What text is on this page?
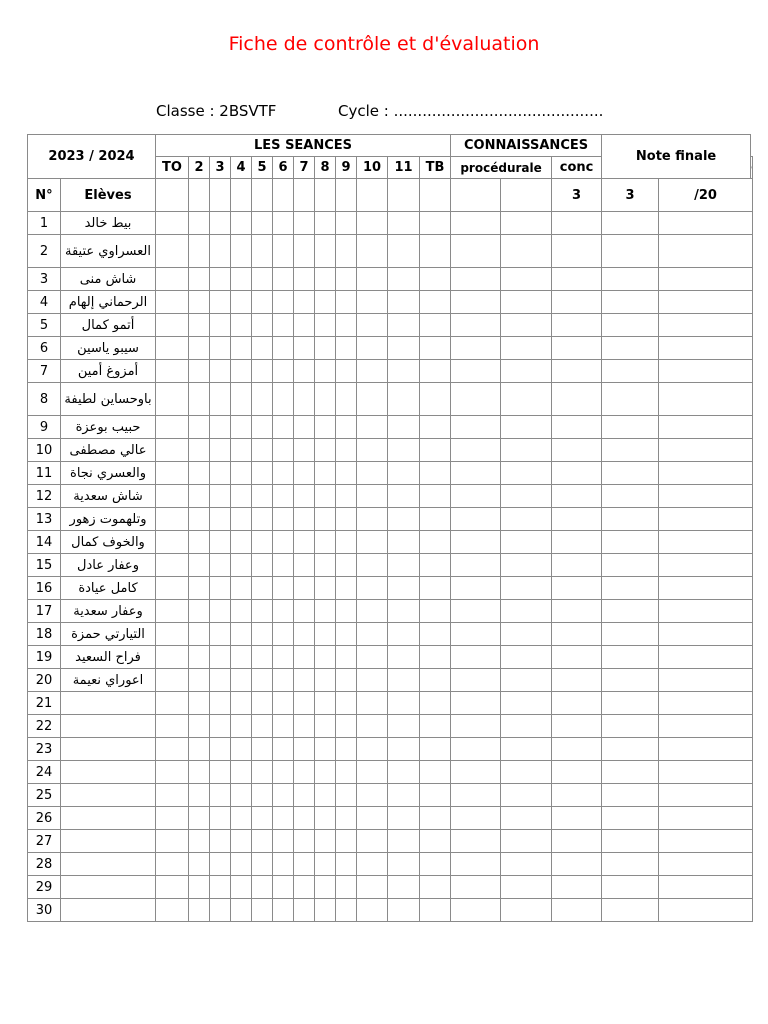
Fiche de contrôle et d'évaluation
Classe : 2BSVTF	Cycle : ............................................
2023 / 2024		LES SEANCES												CONNAISSANCES			Note finale		
		TO	2	3	4	5	6	7	8	9	10	11	TB	procédurale		conc	
N°	Elèves															3	3	/20	
1	بيط خالد																		
2	العسراوي عتيقة																		
3	شاش منى																		
4	الرحماني إلهام																		
5	أتمو كمال																		
6	سيبو ياسين																		
7	أمزوغ أمين																		
8	باوحساين لطيفة																		
9	حبيب بوعزة																		
10	عالي مصطفى																		
11	والعسري نجاة																		
12	شاش سعدية																		
13	وتلهموت زهور																		
14	والخوف كمال																		
15	وعفار عادل																		
16	كامل عيادة																		
17	وعفار سعدية																		
18	التيارتي حمزة																		
19	فراح السعيد																		
20	اعوراي نعيمة																		
21																			
22																			
23																			
24																			
25																			
26																			
27																			
28																			
29																			
30																			
